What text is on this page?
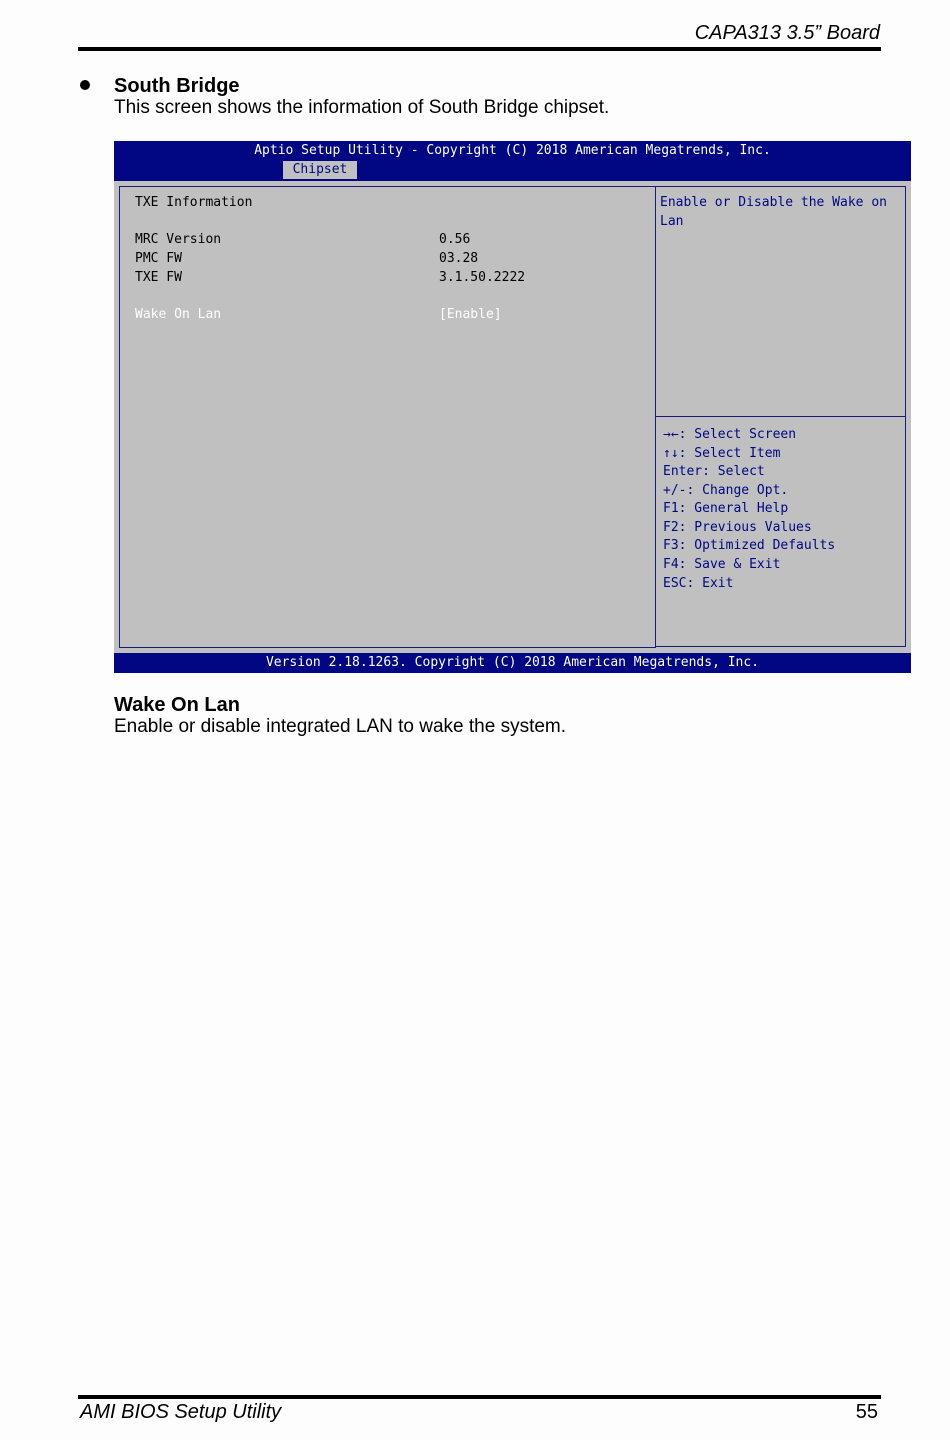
CAPA313 3.5” Board
South Bridge
This screen shows the information of South Bridge chipset.
Aptio Setup Utility - Copyright (C) 2018 American Megatrends, Inc.
Chipset
TXE Information
MRC Version	0.56
PMC FW	03.28
TXE FW	3.1.50.2222
Wake On Lan	[Enable]
Enable or Disable the Wake on Lan
→←: Select Screen
↑↓: Select Item
Enter: Select
+/-: Change Opt.
F1: General Help
F2: Previous Values
F3: Optimized Defaults
F4: Save & Exit
ESC: Exit
Version 2.18.1263. Copyright (C) 2018 American Megatrends, Inc.
Wake On Lan
Enable or disable integrated LAN to wake the system.
AMI BIOS Setup Utility	55
